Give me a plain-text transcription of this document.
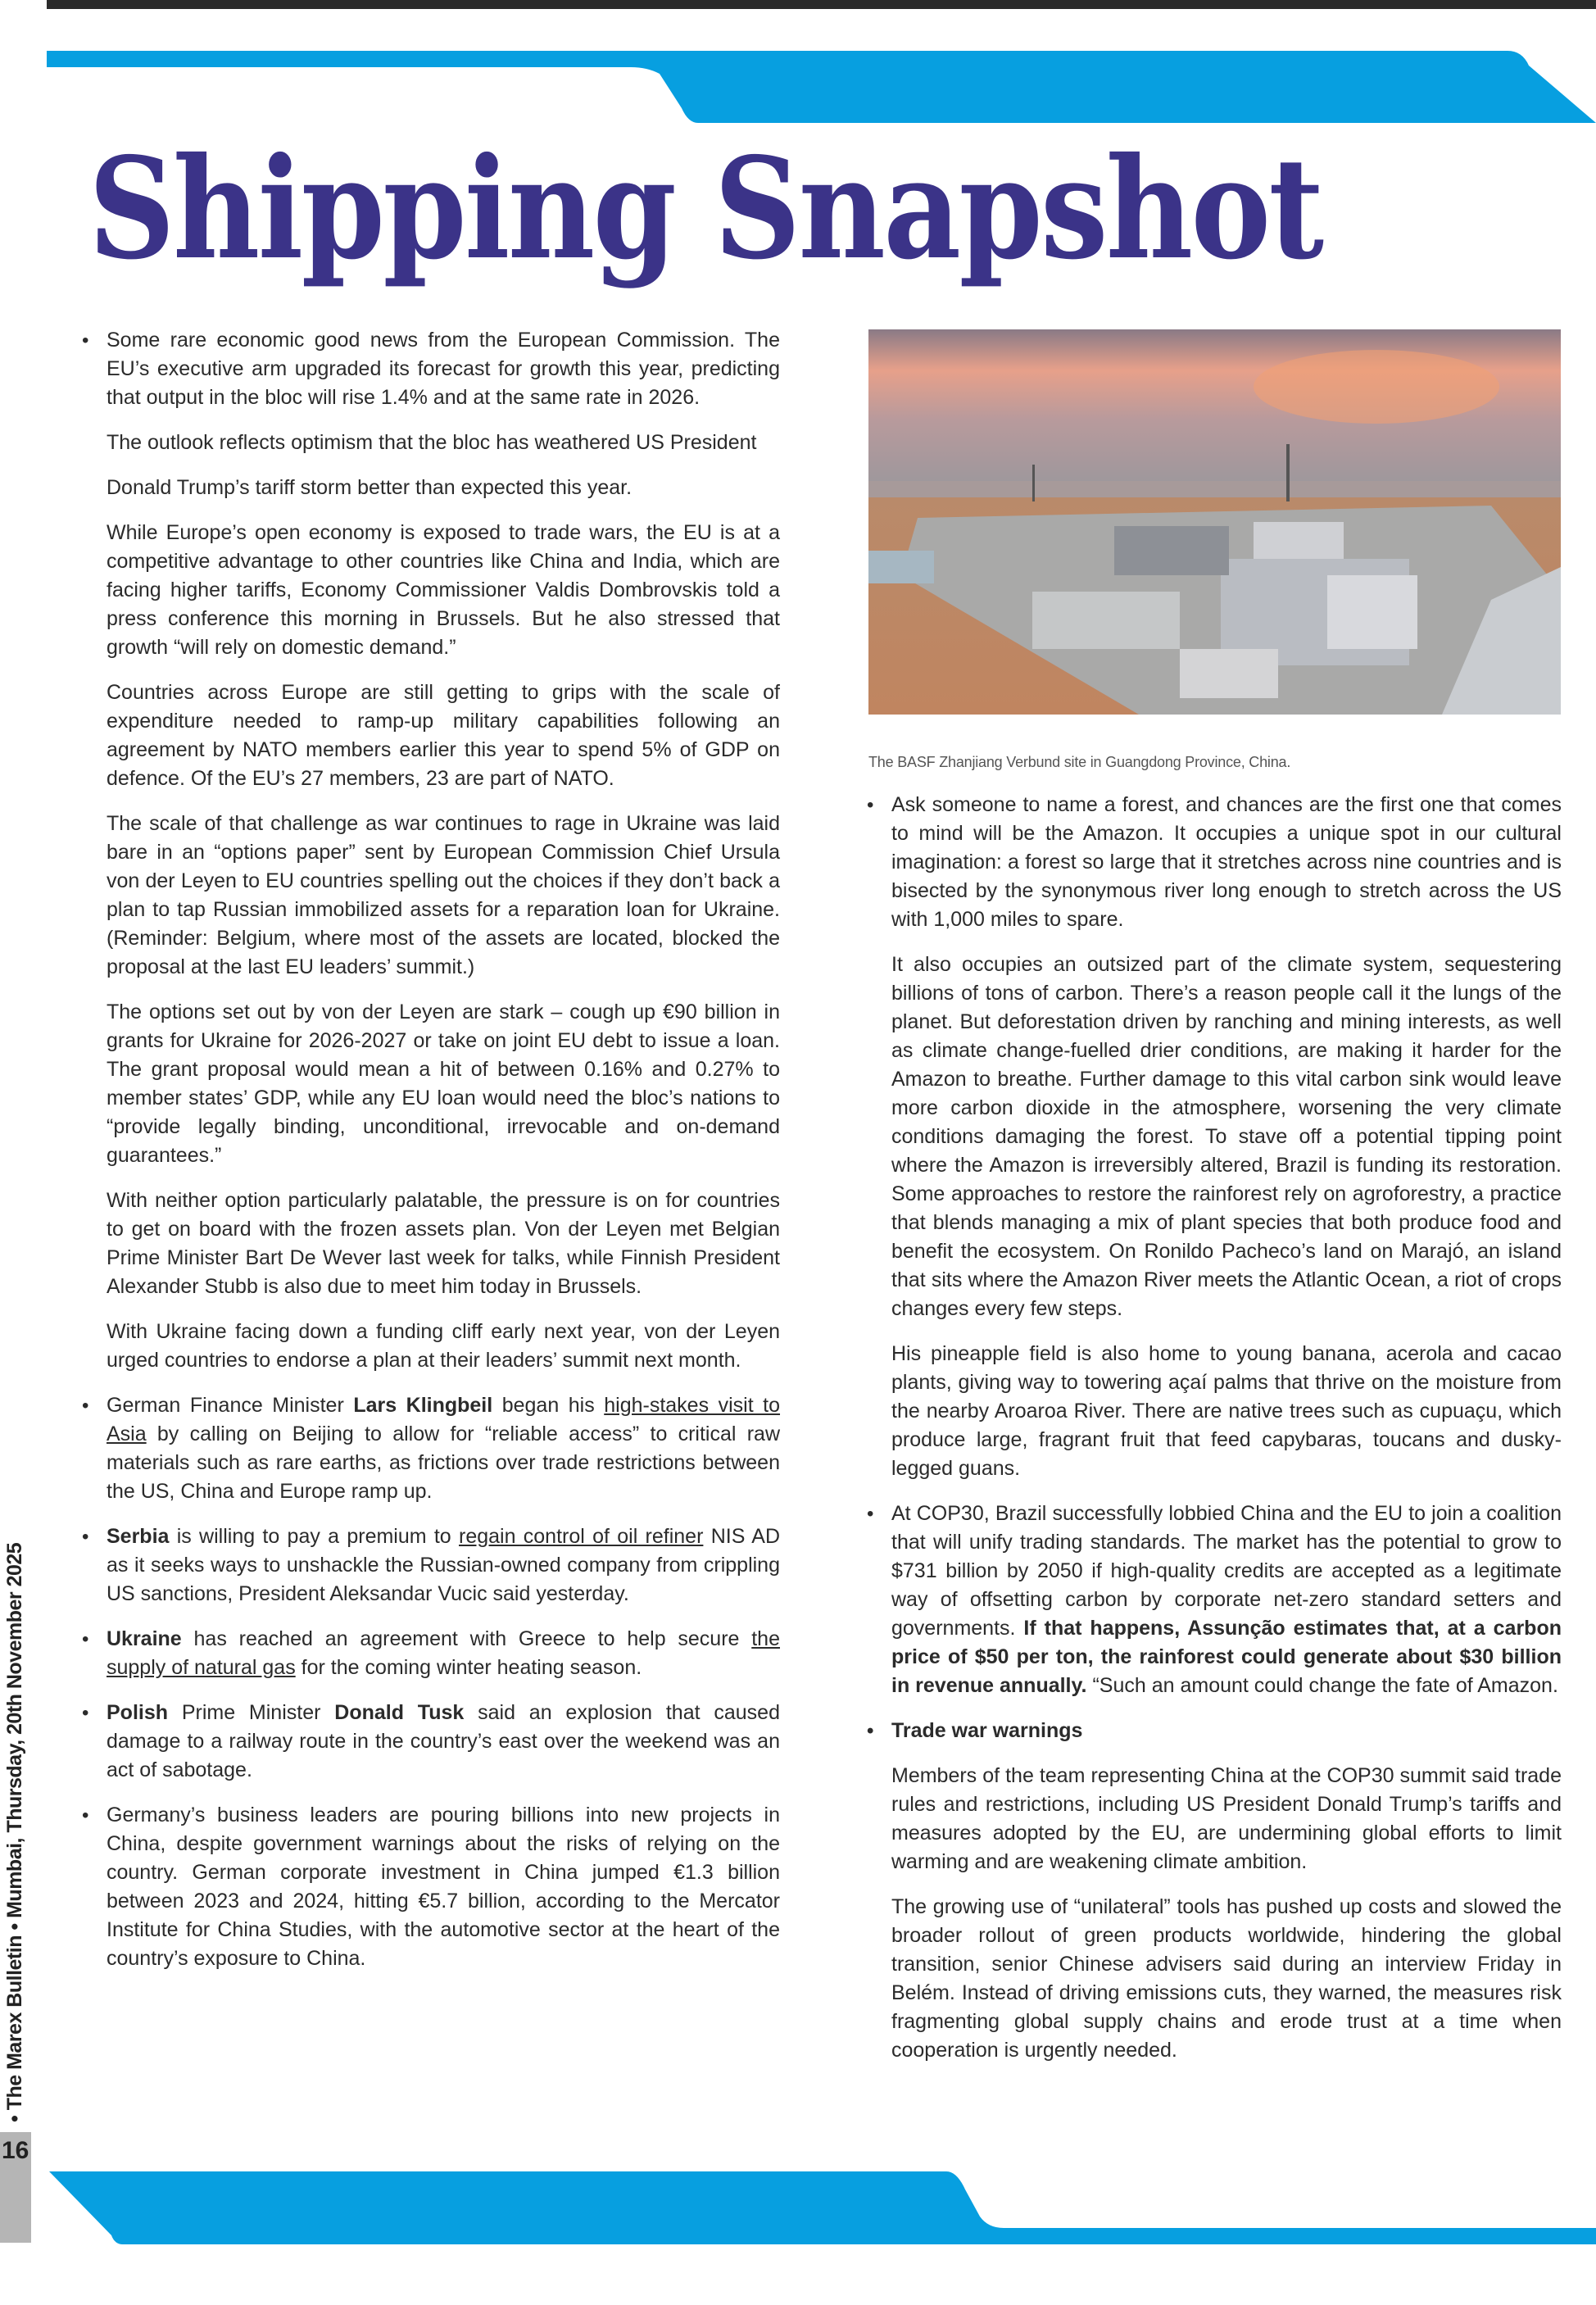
Shipping Snapshot

• Some rare economic good news from the European Commission. The EU’s executive arm upgraded its forecast for growth this year, predicting that output in the bloc will rise 1.4% and at the same rate in 2026.

The outlook reflects optimism that the bloc has weathered US President

Donald Trump’s tariff storm better than expected this year.

While Europe’s open economy is exposed to trade wars, the EU is at a competitive advantage to other countries like China and India, which are facing higher tariffs, Economy Commissioner Valdis Dombrovskis told a press conference this morning in Brussels. But he also stressed that growth “will rely on domestic demand.”

Countries across Europe are still getting to grips with the scale of expenditure needed to ramp-up military capabilities following an agreement by NATO members earlier this year to spend 5% of GDP on defence. Of the EU’s 27 members, 23 are part of NATO.

The scale of that challenge as war continues to rage in Ukraine was laid bare in an “options paper” sent by European Commission Chief Ursula von der Leyen to EU countries spelling out the choices if they don’t back a plan to tap Russian immobilized assets for a reparation loan for Ukraine. (Reminder: Belgium, where most of the assets are located, blocked the proposal at the last EU leaders’ summit.)

The options set out by von der Leyen are stark – cough up €90 billion in grants for Ukraine for 2026-2027 or take on joint EU debt to issue a loan. The grant proposal would mean a hit of between 0.16% and 0.27% to member states’ GDP, while any EU loan would need the bloc’s nations to “provide legally binding, unconditional, irrevocable and on-demand guarantees.”

With neither option particularly palatable, the pressure is on for countries to get on board with the frozen assets plan. Von der Leyen met Belgian Prime Minister Bart De Wever last week for talks, while Finnish President Alexander Stubb is also due to meet him today in Brussels.

With Ukraine facing down a funding cliff early next year, von der Leyen urged countries to endorse a plan at their leaders’ summit next month.

• German Finance Minister Lars Klingbeil began his high-stakes visit to Asia by calling on Beijing to allow for “reliable access” to critical raw materials such as rare earths, as frictions over trade restrictions between the US, China and Europe ramp up.

• Serbia is willing to pay a premium to regain control of oil refiner NIS AD as it seeks ways to unshackle the Russian-owned company from crippling US sanctions, President Aleksandar Vucic said yesterday.

• Ukraine has reached an agreement with Greece to help secure the supply of natural gas for the coming winter heating season.

• Polish Prime Minister Donald Tusk said an explosion that caused damage to a railway route in the country’s east over the weekend was an act of sabotage.

• Germany’s business leaders are pouring billions into new projects in China, despite government warnings about the risks of relying on the country. German corporate investment in China jumped €1.3 billion between 2023 and 2024, hitting €5.7 billion, according to the Mercator Institute for China Studies, with the automotive sector at the heart of the country’s exposure to China.

The BASF Zhanjiang Verbund site in Guangdong Province, China.

• Ask someone to name a forest, and chances are the first one that comes to mind will be the Amazon. It occupies a unique spot in our cultural imagination: a forest so large that it stretches across nine countries and is bisected by the synonymous river long enough to stretch across the US with 1,000 miles to spare.

It also occupies an outsized part of the climate system, sequestering billions of tons of carbon. There’s a reason people call it the lungs of the planet. But deforestation driven by ranching and mining interests, as well as climate change-fuelled drier conditions, are making it harder for the Amazon to breathe. Further damage to this vital carbon sink would leave more carbon dioxide in the atmosphere, worsening the very climate conditions damaging the forest. To stave off a potential tipping point where the Amazon is irreversibly altered, Brazil is funding its restoration. Some approaches to restore the rainforest rely on agroforestry, a practice that blends managing a mix of plant species that both produce food and benefit the ecosystem. On Ronildo Pacheco’s land on Marajó, an island that sits where the Amazon River meets the Atlantic Ocean, a riot of crops changes every few steps.

His pineapple field is also home to young banana, acerola and cacao plants, giving way to towering açaí palms that thrive on the moisture from the nearby Aroaroa River. There are native trees such as cupuaçu, which produce large, fragrant fruit that feed capybaras, toucans and dusky-legged guans.

• At COP30, Brazil successfully lobbied China and the EU to join a coalition that will unify trading standards. The market has the potential to grow to $731 billion by 2050 if high-quality credits are accepted as a legitimate way of offsetting carbon by corporate net-zero standard setters and governments. If that happens, Assunção estimates that, at a carbon price of $50 per ton, the rainforest could generate about $30 billion in revenue annually. “Such an amount could change the fate of Amazon.

• Trade war warnings

Members of the team representing China at the COP30 summit said trade rules and restrictions, including US President Donald Trump’s tariffs and measures adopted by the EU, are undermining global efforts to limit warming and are weakening climate ambition.

The growing use of “unilateral” tools has pushed up costs and slowed the broader rollout of green products worldwide, hindering the global transition, senior Chinese advisers said during an interview Friday in Belém. Instead of driving emissions cuts, they warned, the measures risk fragmenting global supply chains and erode trust at a time when cooperation is urgently needed.

• The Marex Bulletin • Mumbai, Thursday, 20th November 2025
16
